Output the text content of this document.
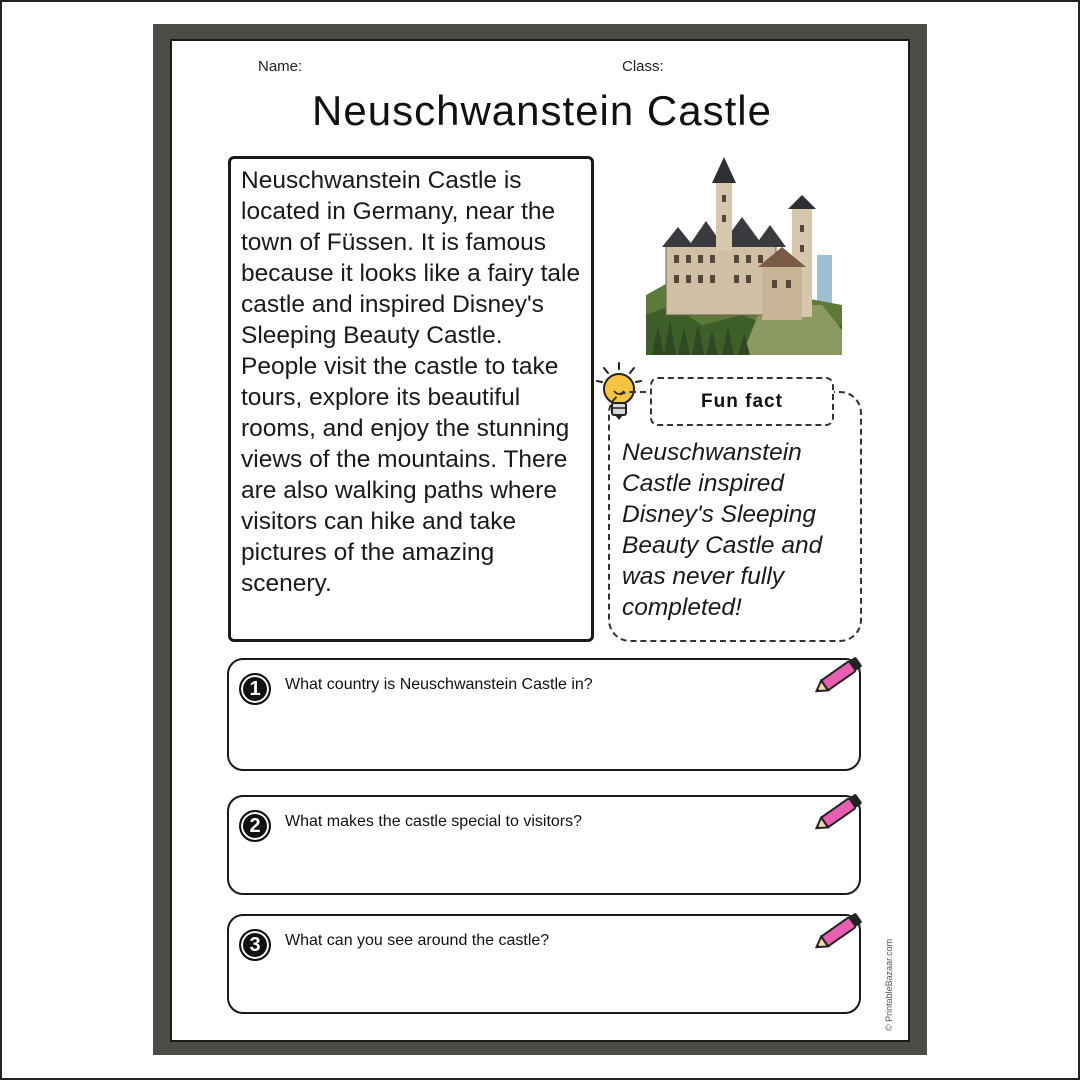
Name:	Class:
Neuschwanstein Castle

Neuschwanstein Castle is located in Germany, near the town of Füssen. It is famous because it looks like a fairy tale castle and inspired Disney's Sleeping Beauty Castle. People visit the castle to take tours, explore its beautiful rooms, and enjoy the stunning views of the mountains. There are also walking paths where visitors can hike and take pictures of the amazing scenery.

Neuschwanstein Castle inspired Disney's Sleeping Beauty Castle and was never fully completed!

Fun fact
1	What country is Neuschwanstein Castle in?
2	What makes the castle special to visitors?
3	What can you see around the castle?	© PrintableBazaar.com
